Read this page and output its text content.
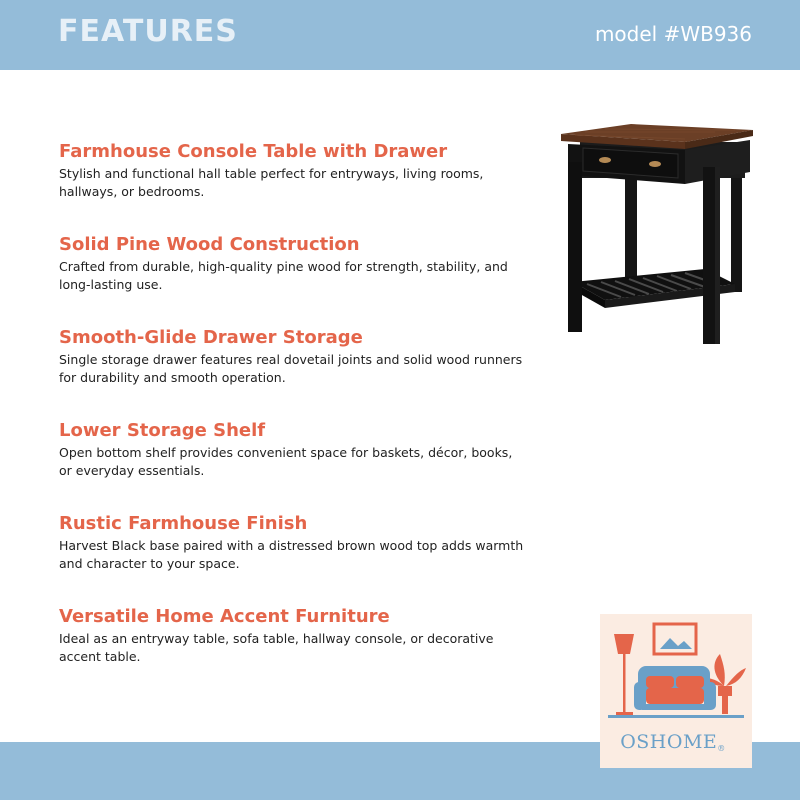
FEATURES	model #WB936
Farmhouse Console Table with Drawer
Stylish and functional hall table perfect for entryways, living rooms, hallways, or bedrooms.
Solid Pine Wood Construction
Crafted from durable, high-quality pine wood for strength, stability, and long-lasting use.
Smooth-Glide Drawer Storage
Single storage drawer features real dovetail joints and solid wood runners for durability and smooth operation.
Lower Storage Shelf
Open bottom shelf provides convenient space for baskets, décor, books, or everyday essentials.
Rustic Farmhouse Finish
Harvest Black base paired with a distressed brown wood top adds warmth and character to your space.
Versatile Home Accent Furniture
Ideal as an entryway table, sofa table, hallway console, or decorative accent table.
OSHOME®
